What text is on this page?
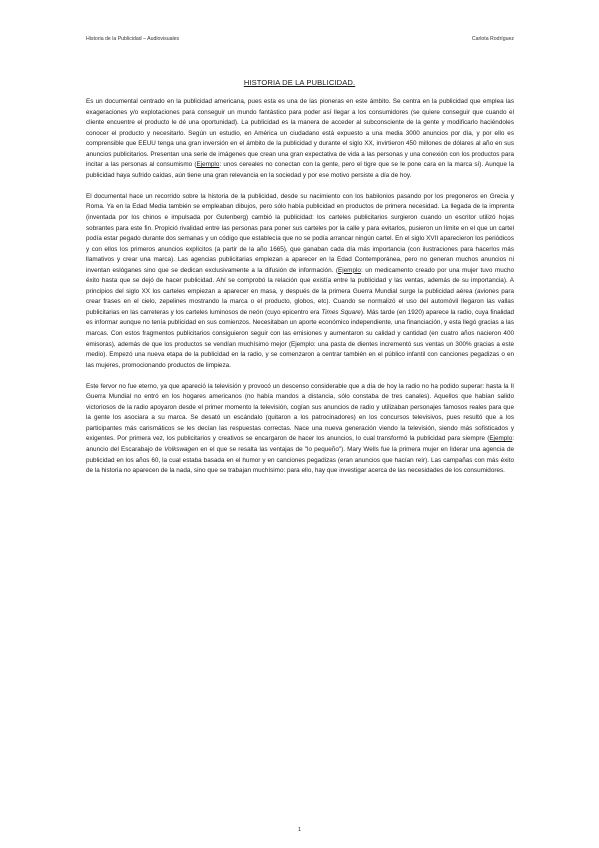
Historia de la Publicidad – Audiovisuales	Carlota Rodríguez
HISTORIA DE LA PUBLICIDAD.

Es un documental centrado en la publicidad americana, pues esta es una de las pioneras en este ámbito. Se centra en la publicidad que emplea las exageraciones y/o explotaciones para conseguir un mundo fantástico para poder así llegar a los consumidores (se quiere conseguir que cuando el cliente encuentre el producto le dé una oportunidad). La publicidad es la manera de acceder al subconsciente de la gente y modificarlo haciéndoles conocer el producto y necesitarlo. Según un estudio, en América un ciudadano está expuesto a una media 3000 anuncios por día, y por ello es comprensible que EEUU tenga una gran inversión en el ámbito de la publicidad y durante el siglo XX, invirtieron 450 millones de dólares al año en sus anuncios publicitarios. Presentan una serie de imágenes que crean una gran expectativa de vida a las personas y una conexión con los productos para incitar a las personas al consumismo (Ejemplo: unos cereales no conectan con la gente, pero el tigre que se le pone cara en la marca sí). Aunque la publicidad haya sufrido caídas, aún tiene una gran relevancia en la sociedad y por ese motivo persiste a día de hoy.

El documental hace un recorrido sobre la historia de la publicidad, desde su nacimiento con los babilonios pasando por los pregoneros en Grecia y Roma. Ya en la Edad Media también se empleaban dibujos, pero sólo había publicidad en productos de primera necesidad. La llegada de la imprenta (inventada por los chinos e impulsada por Gutenberg) cambió la publicidad: los carteles publicitarios surgieron cuando un escritor utilizó hojas sobrantes para este fin. Propició rivalidad entre las personas para poner sus carteles por la calle y para evitarlos, pusieron un límite en el que un cartel podía estar pegado durante dos semanas y un código que establecía que no se podía arrancar ningún cartel. En el siglo XVII aparecieron los periódicos y con ellos los primeros anuncios explícitos (a partir de la año 1665), que ganaban cada día más importancia (con ilustraciones para hacerlos más llamativos y crear una marca). Las agencias publicitarias empiezan a aparecer en la Edad Contemporánea, pero no generan muchos anuncios ni inventan eslóganes sino que se dedican exclusivamente a la difusión de información. (Ejemplo: un medicamento creado por una mujer tuvo mucho éxito hasta que se dejó de hacer publicidad. Ahí se comprobó la relación que existía entre la publicidad y las ventas, además de su importancia). A principios del siglo XX los carteles empiezan a aparecer en masa, y después de la primera Guerra Mundial surge la publicidad aérea (aviones para crear frases en el cielo, zepelines mostrando la marca o el producto, globos, etc). Cuando se normalizó el uso del automóvil llegaron las vallas publicitarias en las carreteras y los carteles luminosos de neón (cuyo epicentro era Times Square). Más tarde (en 1920) aparece la radio, cuya finalidad es informar aunque no tenía publicidad en sus comienzos. Necesitaban un aporte económico independiente, una financiación, y esta llegó gracias a las marcas. Con estos fragmentos publicitarios consiguieron seguir con las emisiones y aumentaron su calidad y cantidad (en cuatro años nacieron 400 emisoras), además de que los productos se vendían muchísimo mejor (Ejemplo: una pasta de dientes incrementó sus ventas un 300% gracias a este medio). Empezó una nueva etapa de la publicidad en la radio, y se comenzaron a centrar también en el público infantil con canciones pegadizas o en las mujeres, promocionando productos de limpieza.

Este fervor no fue eterno, ya que apareció la televisión y provocó un descenso considerable que a día de hoy la radio no ha podido superar: hasta la II Guerra Mundial no entró en los hogares americanos (no había mandos a distancia, sólo constaba de tres canales). Aquellos que habían salido victoriosos de la radio apoyaron desde el primer momento la televisión, cogían sus anuncios de radio y utilizaban personajes famosos reales para que la gente los asociara a su marca. Se desató un escándalo (quitaron a los patrocinadores) en los concursos televisivos, pues resultó que a los participantes más carismáticos se les decían las respuestas correctas. Nace una nueva generación viendo la televisión, siendo más sofisticados y exigentes. Por primera vez, los publicitarios y creativos se encargaron de hacer los anuncios, lo cual transformó la publicidad para siempre (Ejemplo: anuncio del Escarabajo de Volkswagen en el que se resalta las ventajas de "lo pequeño"). Mary Wells fue la primera mujer en liderar una agencia de publicidad en los años 60, la cual estaba basada en el humor y en canciones pegadizas (eran anuncios que hacían reír). Las campañas con más éxito de la historia no aparecen de la nada, sino que se trabajan muchísimo: para ello, hay que investigar acerca de las necesidades de los consumidores.

1
